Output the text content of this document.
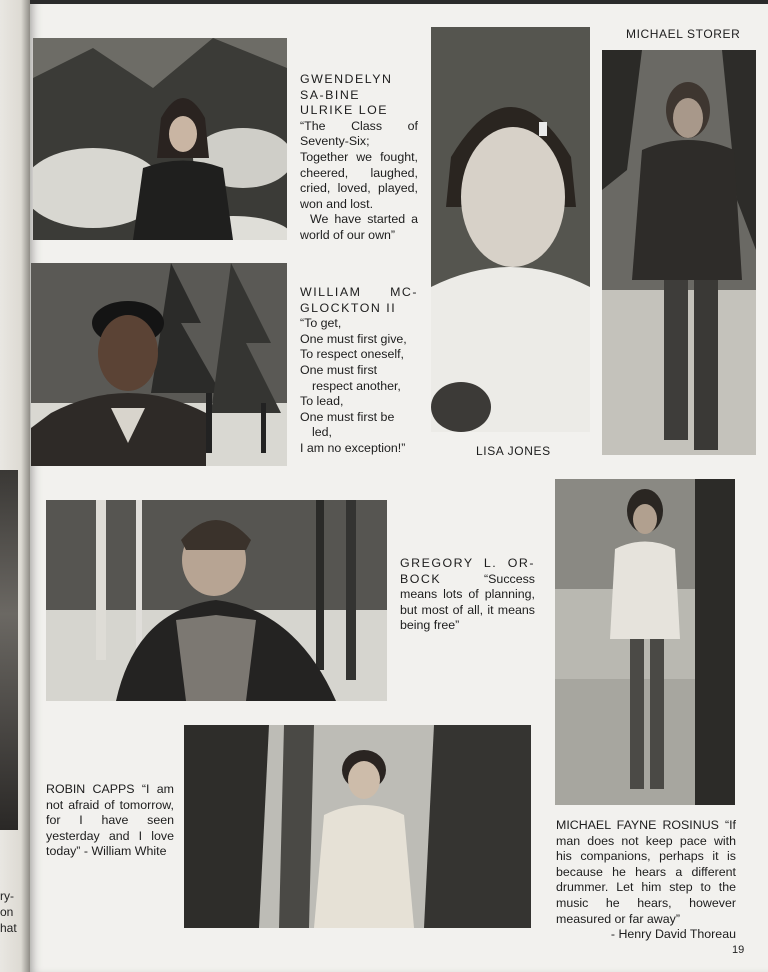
ry-
on
hat
GWENDELYN SA-BINE ULRIKE LOE
“The Class of Seventy-Six; Together we fought, cheered, laughed, cried, loved, played, won and lost.
We have started a world of our own”
WILLIAM MC-GLOCKTON II
“To get,
One must first give,
To respect oneself,
One must first
respect another,
To lead,
One must first be
led,
I am no exception!”	LISA JONES
MICHAEL STORER
GREGORY L. OR-BOCK	“Success means lots of planning, but most of all, it means being free”
ROBIN CAPPS “I am not afraid of tomorrow, for I have seen yesterday and I love today” - William White
MICHAEL FAYNE ROSINUS “If man does not keep pace with his companions, perhaps it is because he hears a different drummer. Let him step to the music he hears, however measured or far away”
- Henry David Thoreau
19
